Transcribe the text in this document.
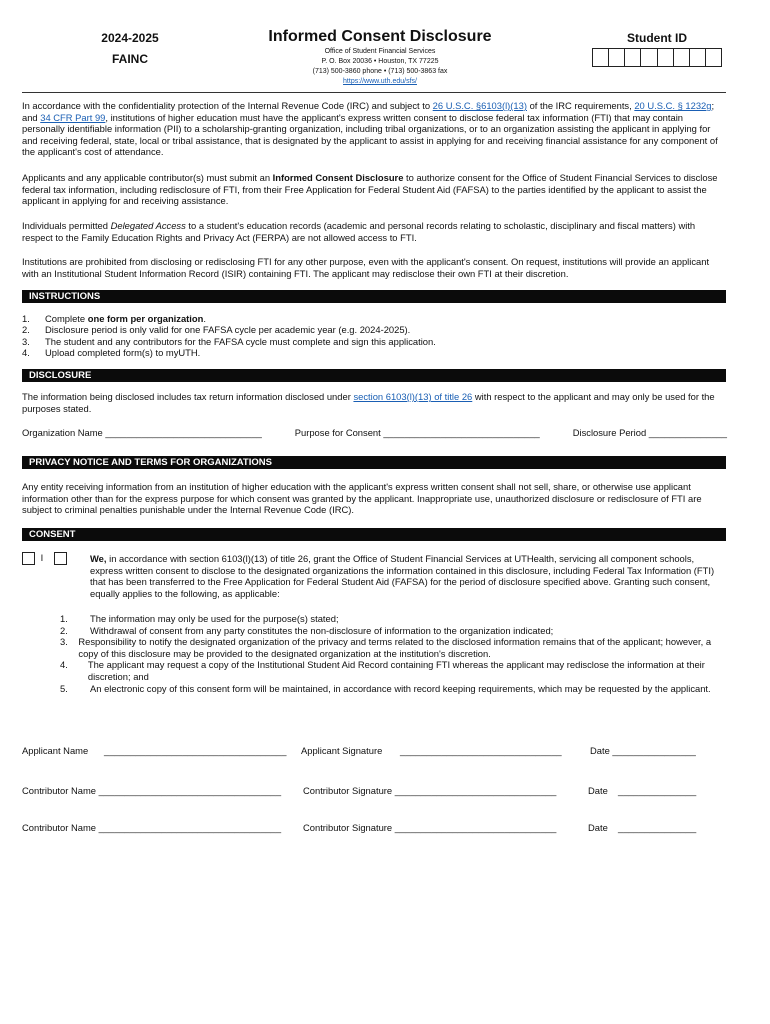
2024-2025
FAINC
Informed Consent Disclosure
Office of Student Financial Services
P. O. Box 20036 • Houston, TX 77225
(713) 500-3860 phone • (713) 500-3863 fax
https://www.uth.edu/sfs/
Student ID
In accordance with the confidentiality protection of the Internal Revenue Code (IRC) and subject to 26 U.S.C. §6103(l)(13) of the IRC requirements, 20 U.S.C. § 1232g; and 34 CFR Part 99, institutions of higher education must have the applicant's express written consent to disclose federal tax information (FTI) that may contain personally identifiable information (PII) to a scholarship-granting organization, including tribal organizations, or to an organization assisting the applicant in applying for and receiving federal, state, local or tribal assistance, that is designated by the applicant to assist in applying for and receiving financial assistance for any component of the applicant's cost of attendance.
Applicants and any applicable contributor(s) must submit an Informed Consent Disclosure to authorize consent for the Office of Student Financial Services to disclose federal tax information, including redisclosure of FTI, from their Free Application for Federal Student Aid (FAFSA) to the parties identified by the applicant to assist the applicant in applying for and receiving assistance.
Individuals permitted Delegated Access to a student's education records (academic and personal records relating to scholastic, disciplinary and fiscal matters) with respect to the Family Education Rights and Privacy Act (FERPA) are not allowed access to FTI.
Institutions are prohibited from disclosing or redisclosing FTI for any other purpose, even with the applicant's consent. On request, institutions will provide an applicant with an Institutional Student Information Record (ISIR) containing FTI. The applicant may redisclose their own FTI at their discretion.
INSTRUCTIONS
1.	Complete one form per organization.
2.	Disclosure period is only valid for one FAFSA cycle per academic year (e.g. 2024-2025).
3.	The student and any contributors for the FAFSA cycle must complete and sign this application.
4.	Upload completed form(s) to myUTH.
DISCLOSURE
The information being disclosed includes tax return information disclosed under section 6103(l)(13) of title 26 with respect to the applicant and may only be used for the purposes stated.
Organization Name ______________________________	Purpose for Consent ______________________________	Disclosure Period _______________
PRIVACY NOTICE AND TERMS FOR ORGANIZATIONS
Any entity receiving information from an institution of higher education with the applicant's express written consent shall not sell, share, or otherwise use applicant information other than for the express purpose for which consent was granted by the applicant. Inappropriate use, unauthorized disclosure or redisclosure of FTI are subject to criminal penalties punishable under the Internal Revenue Code (IRC).
CONSENT
I	We, in accordance with section 6103(l)(13) of title 26, grant the Office of Student Financial Services at UTHealth, servicing all component schools, express written consent to disclose to the designated organizations the information contained in this disclosure, including Federal Tax Information (FTI) that has been transferred to the Free Application for Federal Student Aid (FAFSA) for the period of disclosure specified above. Granting such consent, equally applies to the following, as applicable:
1.	The information may only be used for the purpose(s) stated;
2.	Withdrawal of consent from any party constitutes the non-disclosure of information to the organization indicated;
3.	Responsibility to notify the designated organization of the privacy and terms related to the disclosed information remains that of the applicant; however, a copy of this disclosure may be provided to the designated organization at the institution's discretion.
4.	The applicant may request a copy of the Institutional Student Aid Record containing FTI whereas the applicant may redisclose the information at their discretion; and
5.	An electronic copy of this consent form will be maintained, in accordance with record keeping requirements, which may be requested by the applicant.
Applicant Name ___________________________________ Applicant Signature _______________________________	Date ________________
Contributor Name ___________________________________ Contributor Signature _______________________________	Date _______________
Contributor Name ___________________________________ Contributor Signature _______________________________	Date _______________
